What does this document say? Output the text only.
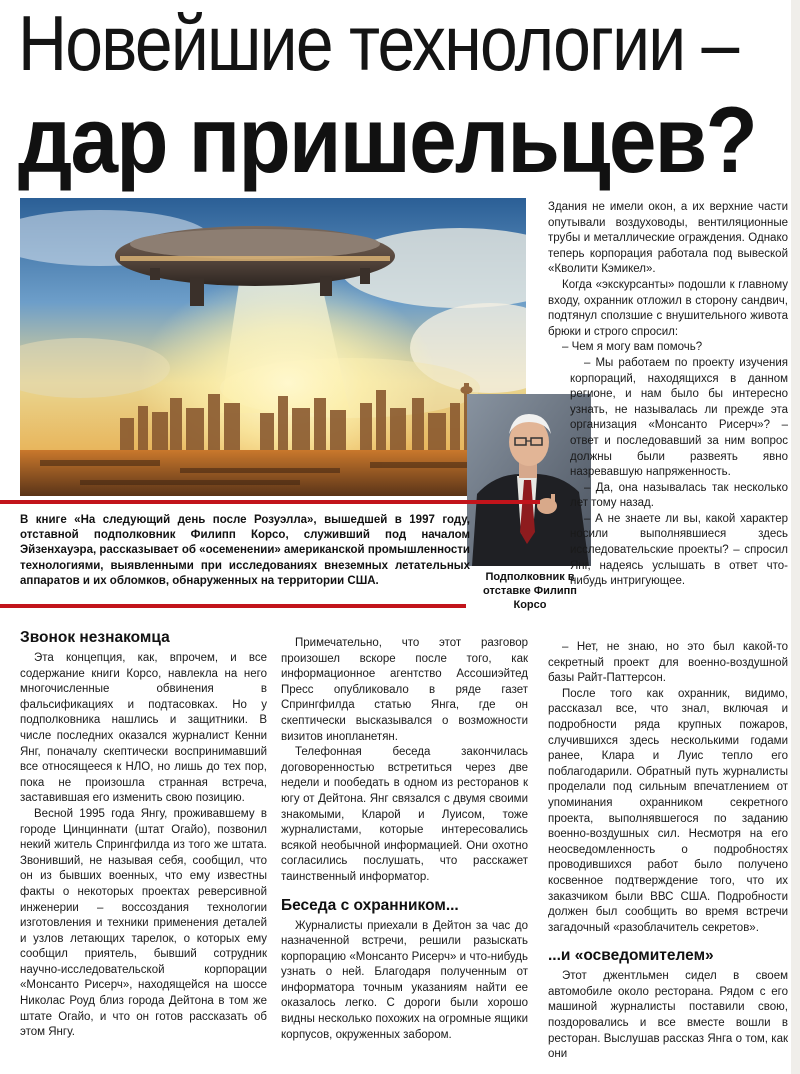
Новейшие технологии –
дар пришельцев?
Подполковник в отставке Филипп Корсо
В книге «На следующий день после Розуэлла», вышедшей в 1997 году, отставной подполковник Филипп Корсо, служивший под началом Эйзенхауэра, рассказывает об «осеменении» американской промышленности технологиями, выявленными при исследованиях внеземных летательных аппаратов и их обломков, обнаруженных на территории США.

Здания не имели окон, а их верхние части опутывали воздуховоды, вентиляционные трубы и металлические ограждения. Однако теперь корпорация работала под вывеской «Кволити Кэмикел».

Когда «экскурсанты» подошли к главному входу, охранник отложил в сторону сандвич, подтянул сползшие с внушительного живота брюки и строго спросил:

– Чем я могу вам помочь?

– Мы работаем по проекту изучения корпораций, находящихся в данном регионе, и нам было бы интересно узнать, не называлась ли прежде эта организация «Монсанто Рисерч»? – ответ и последовавший за ним вопрос должны были развеять явно назревавшую напряженность.

– Да, она называлась так несколько лет тому назад.

– А не знаете ли вы, какой характер носили выполнявшиеся здесь исследовательские проекты? – спросил Янг, надеясь услышать в ответ что-нибудь интригующее.

– Нет, не знаю, но это был какой-то секретный проект для военно-воздушной базы Райт-Паттерсон.

После того как охранник, видимо, рассказал все, что знал, включая и подробности ряда крупных пожаров, случившихся здесь несколькими годами ранее, Клара и Луис тепло его поблагодарили. Обратный путь журналисты проделали под сильным впечатлением от упоминания охранником секретного проекта, выполнявшегося по заданию военно-воздушных сил. Несмотря на его неосведомленность о подробностях проводившихся работ было получено косвенное подтверждение того, что их заказчиком были ВВС США. Подробности должен был сообщить во время встречи загадочный «разоблачитель секретов».

...и «осведомителем»

Этот джентльмен сидел в своем автомобиле около ресторана. Рядом с его машиной журналисты поставили свою, поздоровались и все вместе вошли в ресторан. Выслушав рассказ Янга о том, как они

Звонок незнакомца

Эта концепция, как, впрочем, и все содержание книги Корсо, навлекла на него многочисленные обвинения в фальсификациях и подтасовках. Но у подполковника нашлись и защитники. В числе последних оказался журналист Кенни Янг, поначалу скептически воспринимавший все относящееся к НЛО, но лишь до тех пор, пока не произошла странная встреча, заставившая его изменить свою позицию.

Весной 1995 года Янгу, проживавшему в городе Цинциннати (штат Огайо), позвонил некий житель Спрингфилда из того же штата. Звонивший, не называя себя, сообщил, что он из бывших военных, что ему известны факты о некоторых проектах реверсивной инженерии – воссоздания технологии изготовления и техники применения деталей и узлов летающих тарелок, о которых ему сообщил приятель, бывший сотрудник научно-исследовательской корпорации «Монсанто Рисерч», находящейся на шоссе Николас Роуд близ города Дейтона в том же штате Огайо, и что он готов рассказать об этом Янгу.

Примечательно, что этот разговор произошел вскоре после того, как информационное агентство Ассошиэйтед Пресс опубликовало в ряде газет Спрингфилда статью Янга, где он скептически высказывался о возможности визитов инопланетян.

Телефонная беседа закончилась договоренностью встретиться через две недели и пообедать в одном из ресторанов к югу от Дейтона. Янг связался с двумя своими знакомыми, Кларой и Луисом, тоже журналистами, которые интересовались всякой необычной информацией. Они охотно согласились послушать, что расскажет таинственный информатор.

Беседа с охранником...

Журналисты приехали в Дейтон за час до назначенной встречи, решили разыскать корпорацию «Монсанто Рисерч» и что-нибудь узнать о ней. Благодаря полученным от информатора точным указаниям найти ее оказалось легко. С дороги были хорошо видны несколько похожих на огромные ящики корпусов, окруженных забором.
